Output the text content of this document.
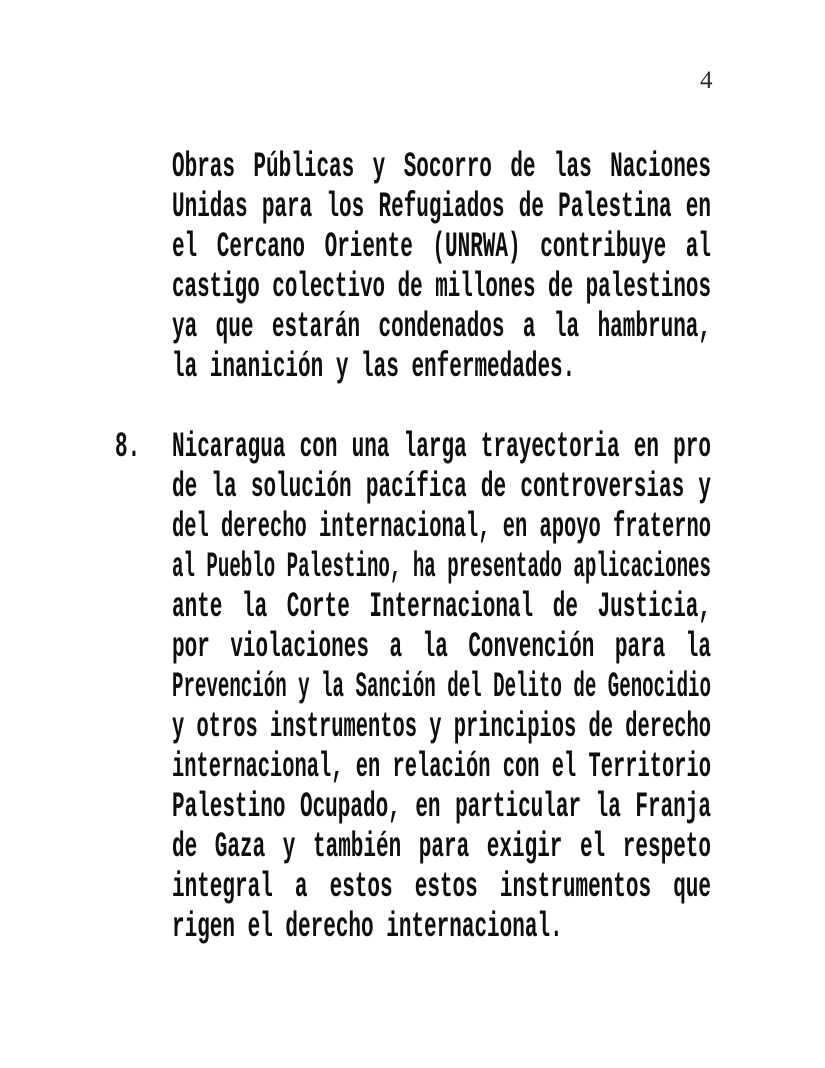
4
Obras Públicas y Socorro de las Naciones
Unidas para los Refugiados de Palestina en
el Cercano Oriente (UNRWA) contribuye al
castigo colectivo de millones de palestinos
ya que estarán condenados a la hambruna,
la inanición y las enfermedades.
8. Nicaragua con una larga trayectoria en pro
de la solución pacífica de controversias y
del derecho internacional, en apoyo fraterno
al Pueblo Palestino, ha presentado aplicaciones
ante la Corte Internacional de Justicia,
por violaciones a la Convención para la
Prevención y la Sanción del Delito de Genocidio
y otros instrumentos y principios de derecho
internacional, en relación con el Territorio
Palestino Ocupado, en particular la Franja
de Gaza y también para exigir el respeto
integral a estos estos instrumentos que
rigen el derecho internacional.
